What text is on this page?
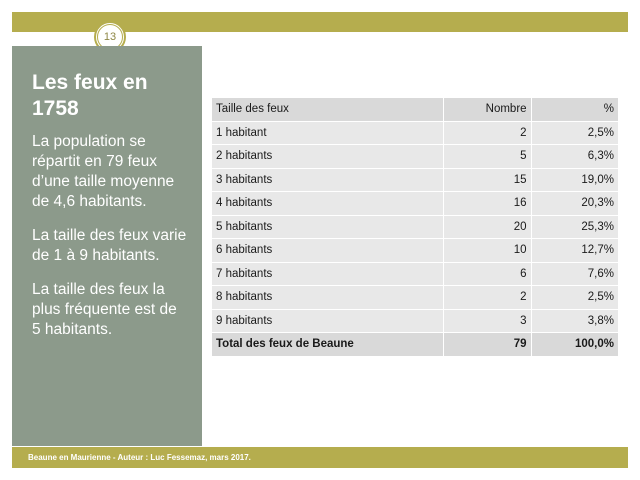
13
Les feux en 1758
La population se répartit en 79 feux d’une taille moyenne de 4,6 habitants.
La taille des feux varie de 1 à 9 habitants.
La taille des feux la plus fréquente est de 5 habitants.
Taille des feux	Nombre	%
1 habitant	2	2,5%
2 habitants	5	6,3%
3 habitants	15	19,0%
4 habitants	16	20,3%
5 habitants	20	25,3%
6 habitants	10	12,7%
7 habitants	6	7,6%
8 habitants	2	2,5%
9 habitants	3	3,8%
Total des feux de Beaune	79	100,0%
Beaune en Maurienne - Auteur : Luc Fessemaz, mars 2017.
